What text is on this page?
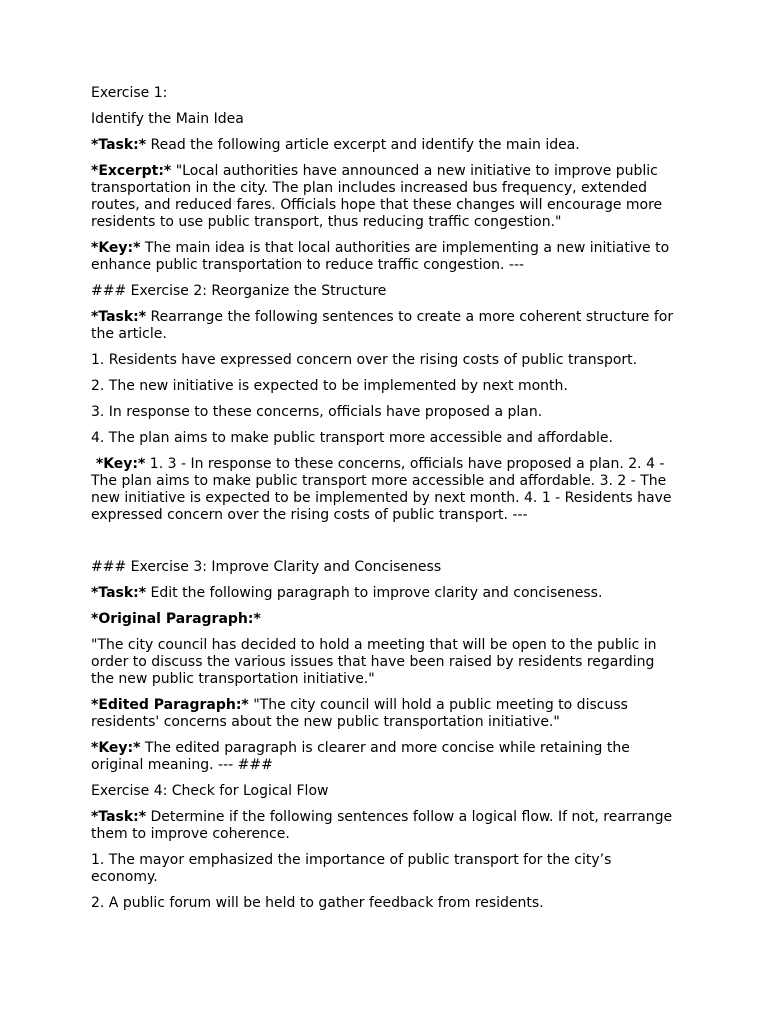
Exercise 1:

Identify the Main Idea

*Task:* Read the following article excerpt and identify the main idea.

*Excerpt:* "Local authorities have announced a new initiative to improve public transportation in the city. The plan includes increased bus frequency, extended routes, and reduced fares. Officials hope that these changes will encourage more residents to use public transport, thus reducing traffic congestion."

*Key:* The main idea is that local authorities are implementing a new initiative to enhance public transportation to reduce traffic congestion. ---

### Exercise 2: Reorganize the Structure

*Task:* Rearrange the following sentences to create a more coherent structure for the article.

1. Residents have expressed concern over the rising costs of public transport.

2. The new initiative is expected to be implemented by next month.

3. In response to these concerns, officials have proposed a plan.

4. The plan aims to make public transport more accessible and affordable.

*Key:* 1. 3 - In response to these concerns, officials have proposed a plan. 2. 4 - The plan aims to make public transport more accessible and affordable. 3. 2 - The new initiative is expected to be implemented by next month. 4. 1 - Residents have expressed concern over the rising costs of public transport. ---

### Exercise 3: Improve Clarity and Conciseness

*Task:* Edit the following paragraph to improve clarity and conciseness.

*Original Paragraph:*

"The city council has decided to hold a meeting that will be open to the public in order to discuss the various issues that have been raised by residents regarding the new public transportation initiative."

*Edited Paragraph:* "The city council will hold a public meeting to discuss residents' concerns about the new public transportation initiative."

*Key:* The edited paragraph is clearer and more concise while retaining the original meaning. --- ###

Exercise 4: Check for Logical Flow

*Task:* Determine if the following sentences follow a logical flow. If not, rearrange them to improve coherence.

1. The mayor emphasized the importance of public transport for the city’s economy.

2. A public forum will be held to gather feedback from residents.
